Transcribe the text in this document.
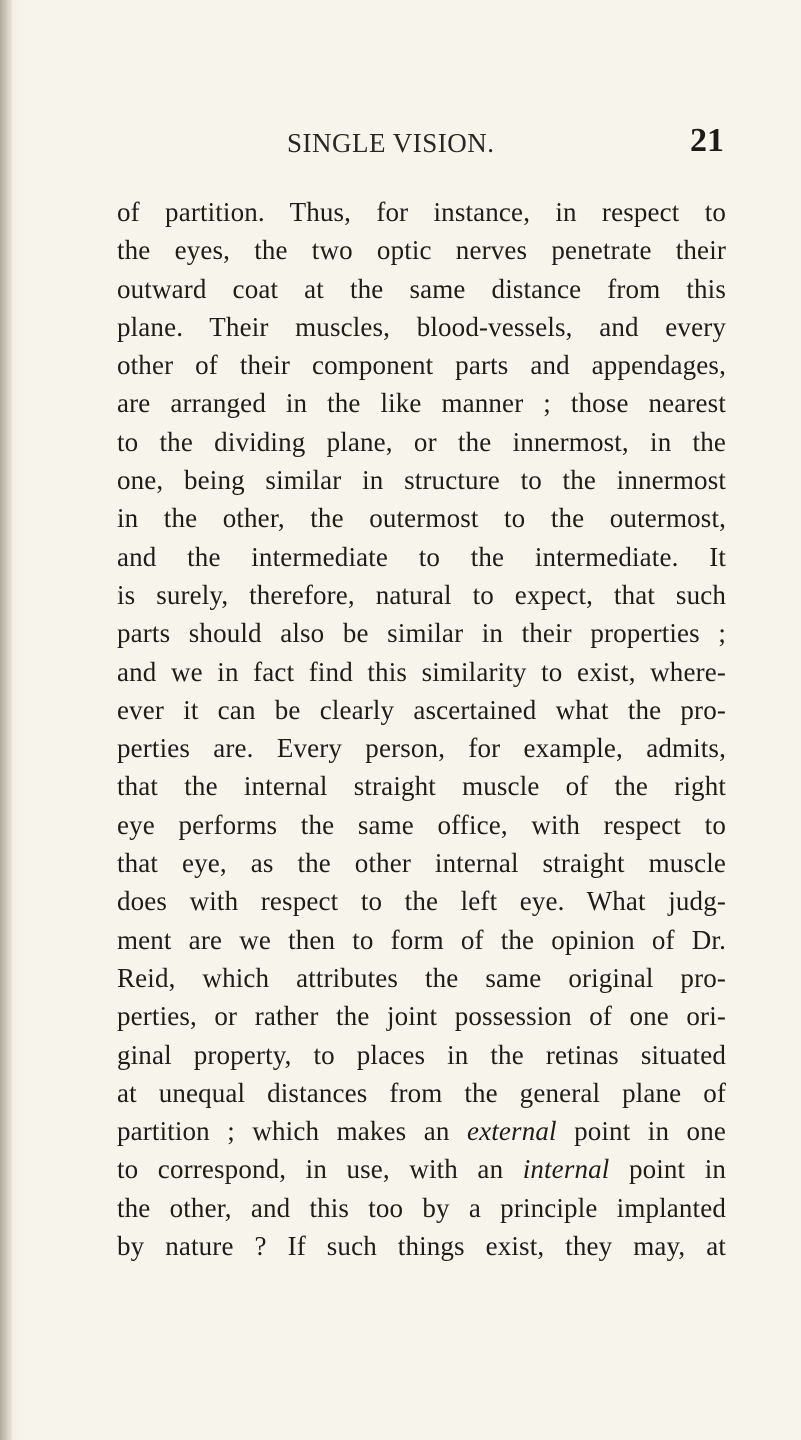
SINGLE VISION.	21
of partition. Thus, for instance, in respect to
the eyes, the two optic nerves penetrate their
outward coat at the same distance from this
plane. Their muscles, blood-vessels, and every
other of their component parts and appendages,
are arranged in the like manner ; those nearest
to the dividing plane, or the innermost, in the
one, being similar in structure to the innermost
in the other, the outermost to the outermost,
and the intermediate to the intermediate. It
is surely, therefore, natural to expect, that such
parts should also be similar in their properties ;
and we in fact find this similarity to exist, where-
ever it can be clearly ascertained what the pro-
perties are. Every person, for example, admits,
that the internal straight muscle of the right
eye performs the same office, with respect to
that eye, as the other internal straight muscle
does with respect to the left eye. What judg-
ment are we then to form of the opinion of Dr.
Reid, which attributes the same original pro-
perties, or rather the joint possession of one ori-
ginal property, to places in the retinas situated
at unequal distances from the general plane of
partition ; which makes an external point in one
to correspond, in use, with an internal point in
the other, and this too by a principle implanted
by nature ? If such things exist, they may, at
